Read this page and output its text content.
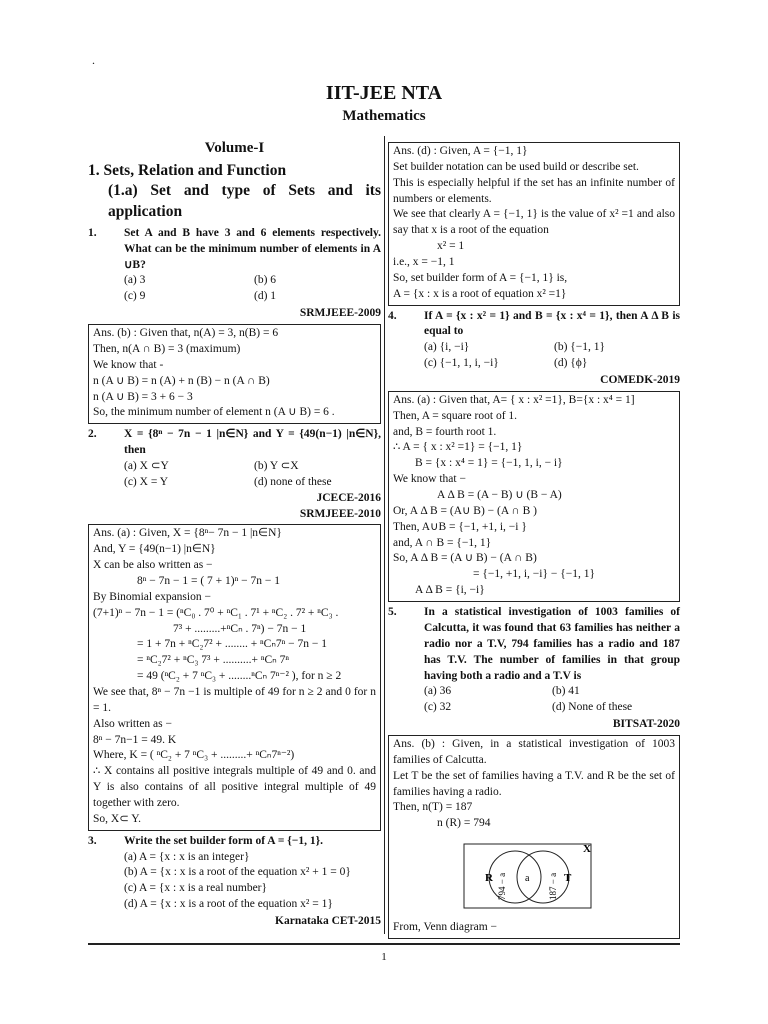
.
IIT-JEE NTA
Mathematics
Volume-I
1. Sets, Relation and Function
(1.a) Set and type of Sets and its application
1.	Set A and B have 3 and 6 elements respectively. What can be the minimum number of elements in A ∪B?
(a) 3	(b) 6
(c) 9	(d) 1
SRMJEEE-2009
Ans. (b) : Given that, n(A) = 3, n(B) = 6
Then, n(A ∩ B) = 3 (maximum)
We know that -
n (A ∪ B) = n (A) + n (B) − n (A ∩ B)
n (A ∪ B) = 3 + 6 − 3
So, the minimum number of element n (A ∪ B) = 6 .
2.	X = {8ⁿ − 7n − 1 |n∈N} and Y = {49(n−1) |n∈N}, then
(a) X ⊂Y	(b) Y ⊂X
(c) X = Y	(d) none of these
JCECE-2016
SRMJEEE-2010
Ans. (a) : Given, X = {8ⁿ− 7n − 1 |n∈N}
And, Y = {49(n−1) |n∈N}
X can be also written as −
8ⁿ − 7n − 1 = ( 7 + 1)ⁿ − 7n − 1
By Binomial expansion −
(7+1)ⁿ − 7n − 1 = (ⁿC₀ . 7⁰ + ⁿC₁ . 7¹ + ⁿC₂ . 7² + ⁿC₃ .
7³ + .........+ⁿCₙ . 7ⁿ) − 7n − 1
= 1 + 7n + ⁿC₂7² + ........ + ⁿCₙ7ⁿ − 7n − 1
= ⁿC₂7² + ⁿC₃ 7³ + ..........+ ⁿCₙ 7ⁿ
= 49 (ⁿC₂ + 7 ⁿC₃ + ........ⁿCₙ 7ⁿ⁻² ), for n ≥ 2
We see that, 8ⁿ − 7n −1 is multiple of 49 for n ≥ 2 and 0 for n = 1.
Also written as −
8ⁿ − 7n−1 = 49. K
Where, K = ( ⁿC₂ + 7 ⁿC₃ + .........+ ⁿCₙ7ⁿ⁻²)
∴ X contains all positive integrals multiple of 49 and 0. and Y is also contains of all positive integral multiple of 49 together with zero.
So, X⊂ Y.
3.	Write the set builder form of A = {−1, 1}.
(a) A = {x : x is an integer}
(b) A = {x : x is a root of the equation x² + 1 = 0}
(c) A = {x : x is a real number}
(d) A = {x : x is a root of the equation x² = 1}
Karnataka CET-2015
Ans. (d) : Given, A = {−1, 1}
Set builder notation can be used build or describe set.
This is especially helpful if the set has an infinite number of numbers or elements.
We see that clearly A = {−1, 1} is the value of x² =1 and also say that x is a root of the equation
x² = 1
i.e., x = −1, 1
So, set builder form of A = {−1, 1} is,
A = {x : x is a root of equation x² =1}
4.	If A = {x : x² = 1} and B = {x : x⁴ = 1}, then A Δ B is equal to
(a) {i, −i}	(b) {−1, 1}
(c) {−1, 1, i, −i}	(d) {ϕ}
COMEDK-2019
Ans. (a) : Given that, A= { x : x² =1}, B={x : x⁴ = 1]
Then, A = square root of 1.
and, B = fourth root 1.
∴ A = { x : x² =1} = {−1, 1}
B = {x : x⁴ = 1} = {−1, 1, i, − i}
We know that −
A Δ B = (A − B) ∪ (B − A)
Or, A Δ B = (A∪ B) − (A ∩ B )
Then, A∪B = {−1, +1, i, −i }
and, A ∩ B = {−1, 1}
So, A Δ B = (A ∪ B) − (A ∩ B)
= {−1, +1, i, −i} − {−1, 1}
A Δ B = {i, −i}
5.	In a statistical investigation of 1003 families of Calcutta, it was found that 63 families has neither a radio nor a T.V, 794 families has a radio and 187 has T.V. The number of families in that group having both a radio and a T.V is
(a) 36	(b) 41
(c) 32	(d) None of these
BITSAT-2020
Ans. (b) : Given, in a statistical investigation of 1003 families of Calcutta.
Let T be the set of families having a T.V. and R be the set of families having a radio.
Then, n(T) = 187
n (R) = 794
X
R	T
794 − a a 187 − a
From, Venn diagram −
1
